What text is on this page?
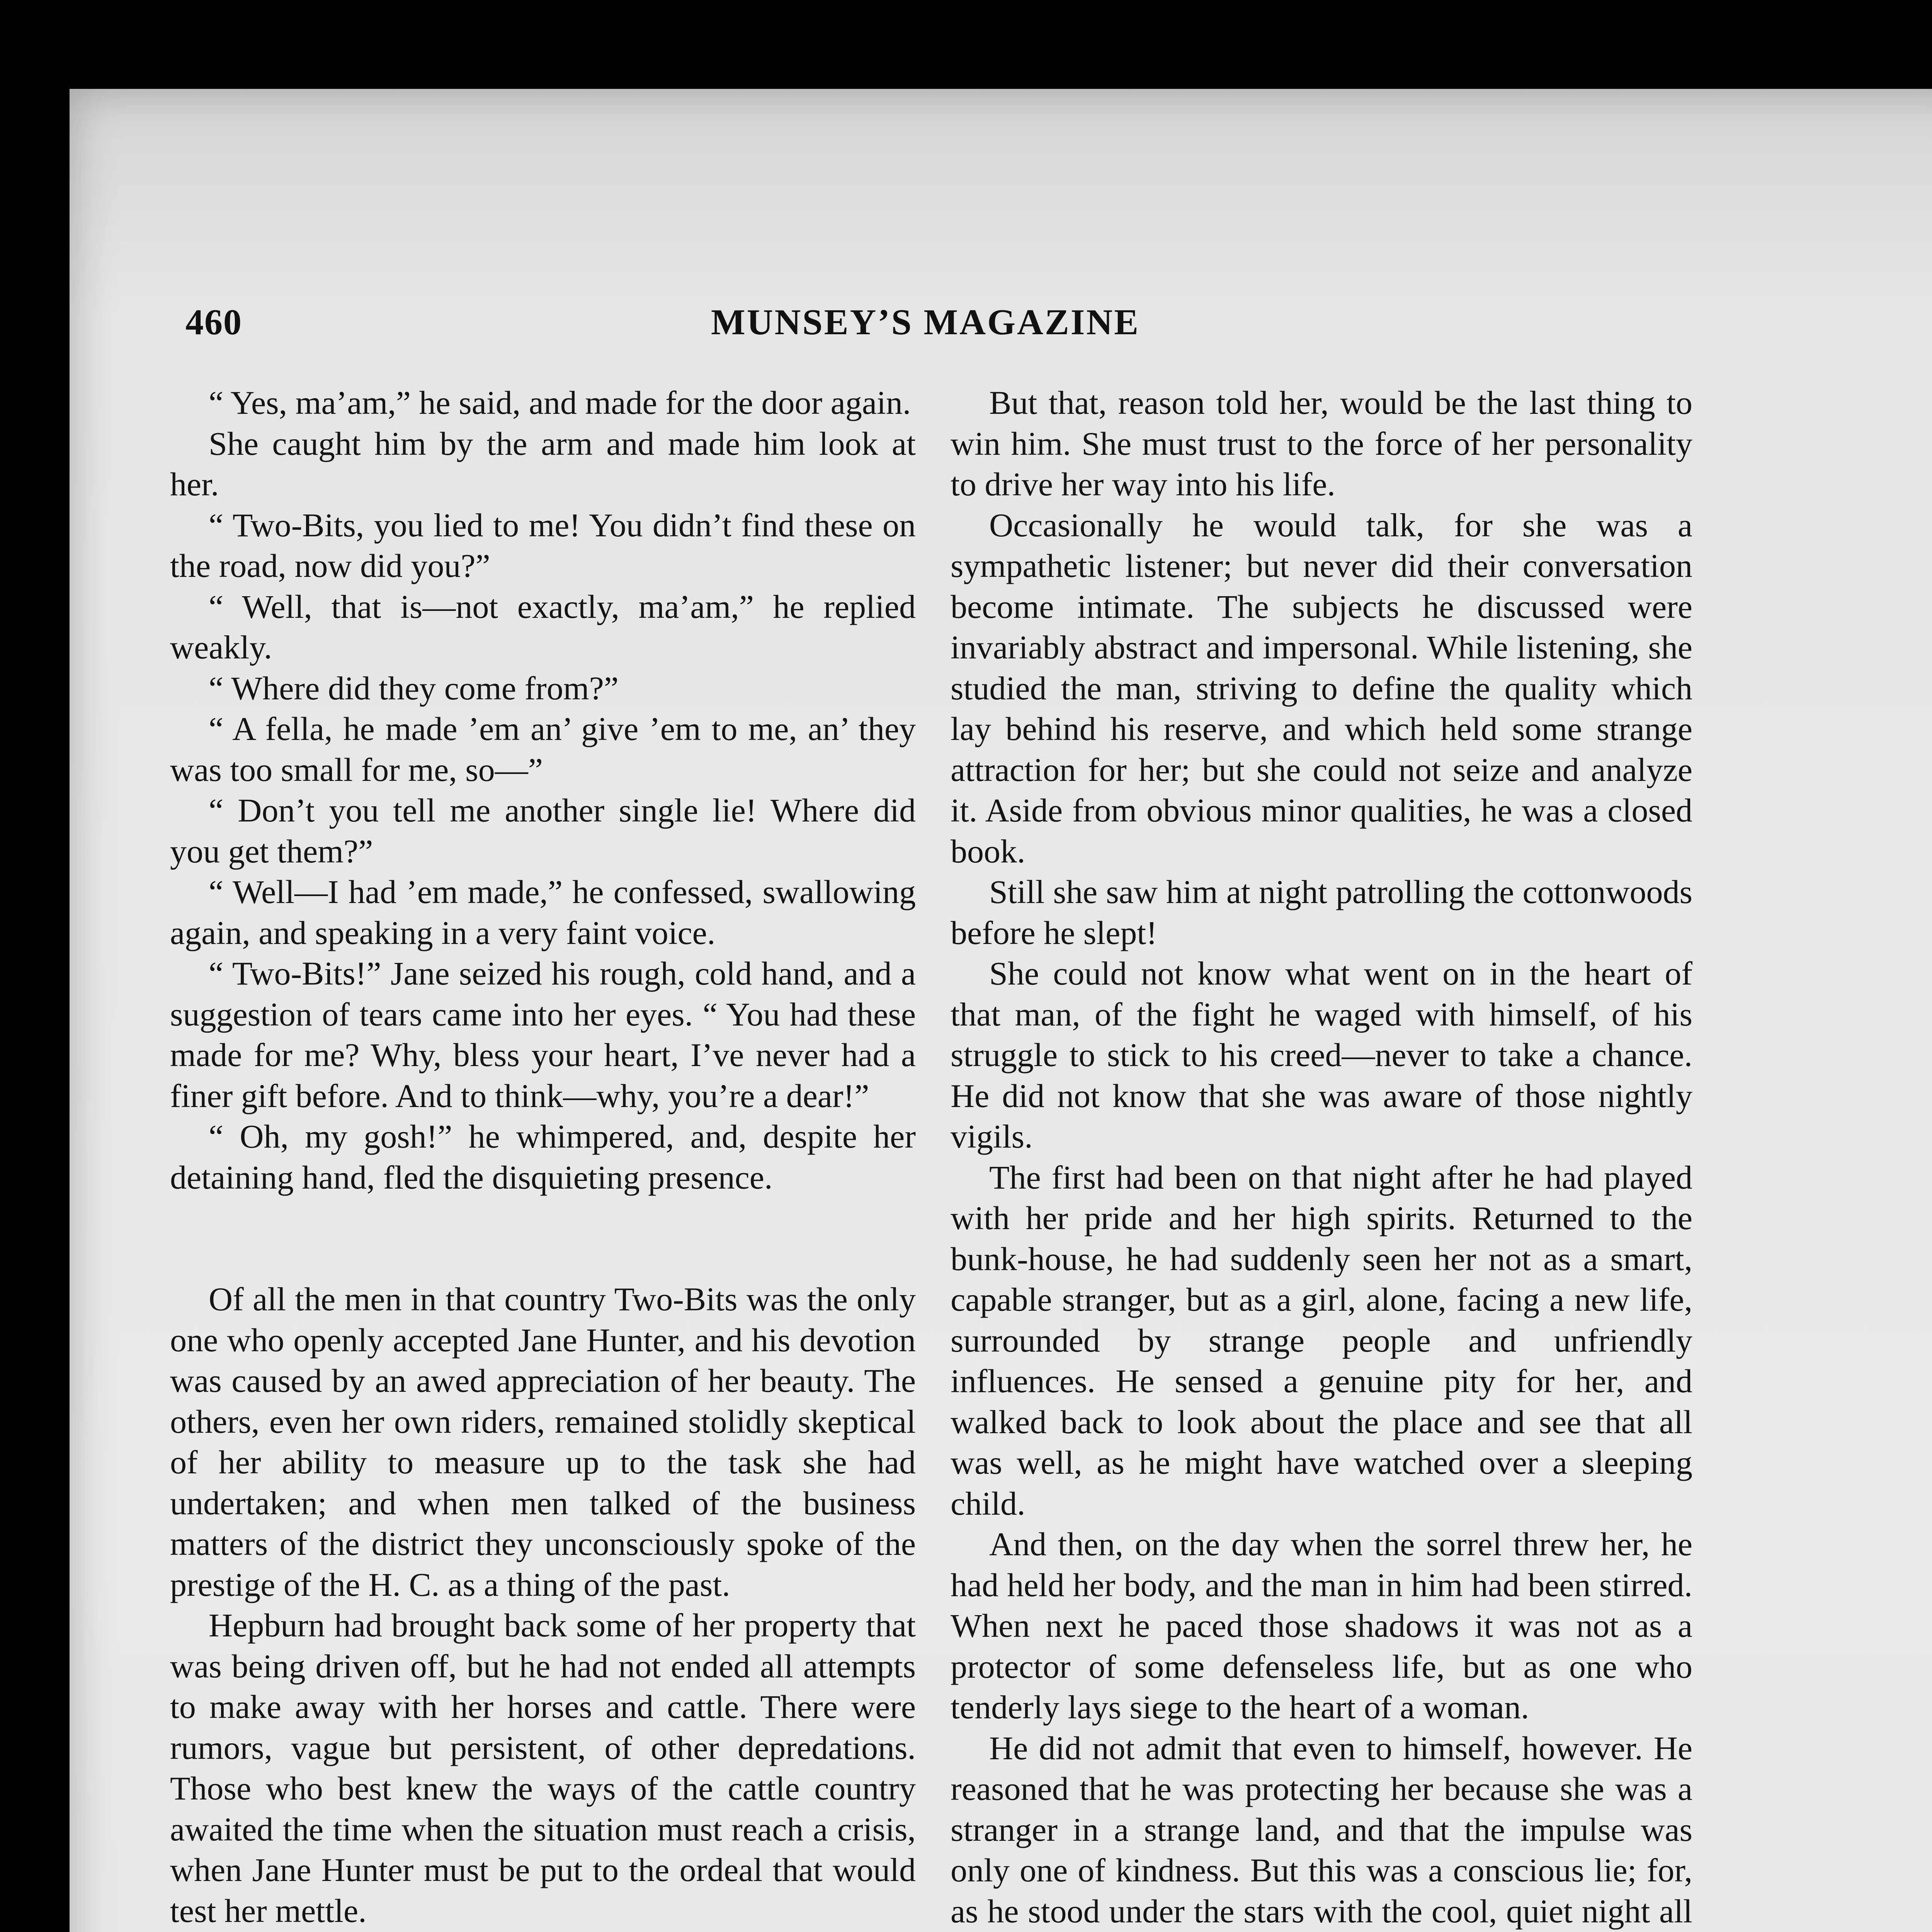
460	MUNSEY’S MAGAZINE

“ Yes, ma’am,” he said, and made for the door again.

She caught him by the arm and made him look at her.

“ Two-Bits, you lied to me! You didn’t find these on the road, now did you?”

“ Well, that is—not exactly, ma’am,” he replied weakly.

“ Where did they come from?”

“ A fella, he made ’em an’ give ’em to me, an’ they was too small for me, so—”

“ Don’t you tell me another single lie! Where did you get them?”

“ Well—I had ’em made,” he confessed, swallowing again, and speaking in a very faint voice.

“ Two-Bits!” Jane seized his rough, cold hand, and a suggestion of tears came into her eyes. “ You had these made for me? Why, bless your heart, I’ve never had a finer gift before. And to think—why, you’re a dear!”

“ Oh, my gosh!” he whimpered, and, despite her detaining hand, fled the disquieting presence.

Of all the men in that country Two-Bits was the only one who openly accepted Jane Hunter, and his devotion was caused by an awed appreciation of her beauty. The others, even her own riders, remained stolidly skeptical of her ability to measure up to the task she had undertaken; and when men talked of the business matters of the district they unconsciously spoke of the prestige of the H. C. as a thing of the past.

Hepburn had brought back some of her property that was being driven off, but he had not ended all attempts to make away with her horses and cattle. There were rumors, vague but persistent, of other depredations. Those who best knew the ways of the cattle country awaited the time when the situation must reach a crisis, when Jane Hunter must be put to the ordeal that would test her mettle.

But that, reason told her, would be the last thing to win him. She must trust to the force of her personality to drive her way into his life.

Occasionally he would talk, for she was a sympathetic listener; but never did their conversation become intimate. The subjects he discussed were invariably abstract and impersonal. While listening, she studied the man, striving to define the quality which lay behind his reserve, and which held some strange attraction for her; but she could not seize and analyze it. Aside from obvious minor qualities, he was a closed book.

Still she saw him at night patrolling the cottonwoods before he slept!

She could not know what went on in the heart of that man, of the fight he waged with himself, of his struggle to stick to his creed—never to take a chance. He did not know that she was aware of those nightly vigils.

The first had been on that night after he had played with her pride and her high spirits. Returned to the bunk-house, he had suddenly seen her not as a smart, capable stranger, but as a girl, alone, facing a new life, surrounded by strange people and unfriendly influences. He sensed a genuine pity for her, and walked back to look about the place and see that all was well, as he might have watched over a sleeping child.

And then, on the day when the sorrel threw her, he had held her body, and the man in him had been stirred. When next he paced those shadows it was not as a protector of some defenseless life, but as one who tenderly lays siege to the heart of a woman.

He did not admit that even to himself, however. He reasoned that he was protecting her because she was a stranger in a strange land, and that the impulse was only one of kindness. But this was a conscious lie; for, as he stood under the stars with the cool, quiet night all
